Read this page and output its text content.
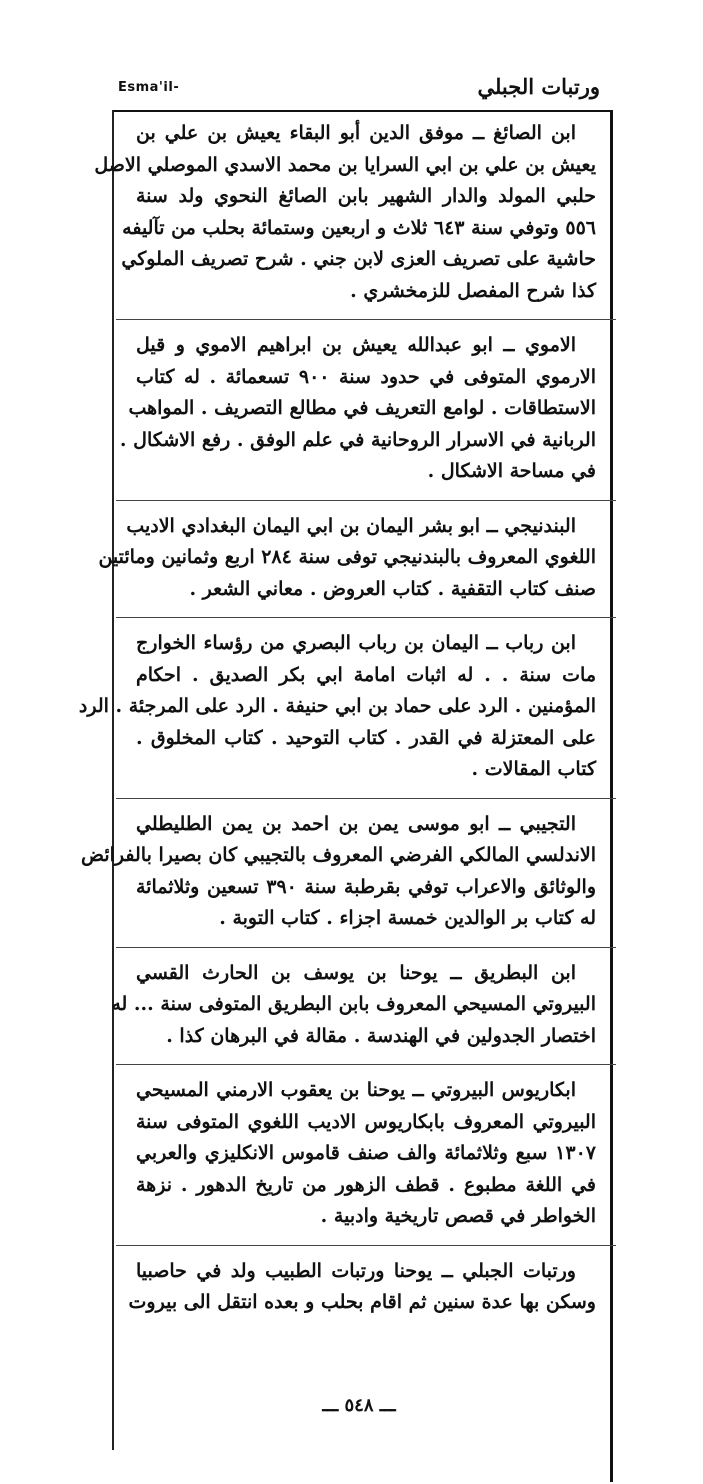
ورتبات الجبلي
Esma'il-
ابن الصائغ ــ موفق الدين أبو البقاء يعيش بن علي بن
يعيش بن علي بن ابي السرايا بن محمد الاسدي الموصلي الاصل
حلبي المولد والدار الشهير بابن الصائغ النحوي ولد سنة
٥٥٦ وتوفي سنة ٦٤٣ ثلاث و اربعين وستمائة بحلب من تآليفه
حاشية على تصريف العزى لابن جني . شرح تصريف الملوكي
كذا شرح المفصل للزمخشري .
الاموي ــ ابو عبدالله يعيش بن ابراهيم الاموي و قيل
الارموي المتوفى في حدود سنة ٩٠٠ تسعمائة . له كتاب
الاستطاقات . لوامع التعريف في مطالع التصريف . المواهب
الربانية في الاسرار الروحانية في علم الوفق . رفع الاشكال .
في مساحة الاشكال .
البندنيجي ــ ابو بشر اليمان بن ابي اليمان البغدادي الاديب
اللغوي المعروف بالبندنيجي توفى سنة ٢٨٤ اربع وثمانين ومائتين
صنف كتاب التقفية . كتاب العروض . معاني الشعر .
ابن رباب ــ اليمان بن رباب البصري من رؤساء الخوارج
مات سنة . . له اثبات امامة ابي بكر الصديق . احكام
المؤمنين . الرد على حماد بن ابي حنيفة . الرد على المرجئة . الرد
على المعتزلة في القدر . كتاب التوحيد . كتاب المخلوق .
كتاب المقالات .
التجيبي ــ ابو موسى يمن بن احمد بن يمن الطليطلي
الاندلسي المالكي الفرضي المعروف بالتجيبي كان بصيرا بالفرائض
والوثائق والاعراب توفي بقرطبة سنة ٣٩٠ تسعين وثلاثمائة
له كتاب بر الوالدين خمسة اجزاء . كتاب التوبة .
ابن البطريق ــ يوحنا بن يوسف بن الحارث القسي
البيروتي المسيحي المعروف بابن البطريق المتوفى سنة ... له
اختصار الجدولين في الهندسة . مقالة في البرهان كذا .
ابكاريوس البيروتي ــ يوحنا بن يعقوب الارمني المسيحي
البيروتي المعروف بابكاريوس الاديب اللغوي المتوفى سنة
١٣٠٧ سبع وثلاثمائة والف صنف قاموس الانكليزي والعربي
في اللغة مطبوع . قطف الزهور من تاريخ الدهور . نزهة
الخواطر في قصص تاريخية وادبية .
ورتبات الجبلي ــ يوحنا ورتبات الطبيب ولد في حاصبيا
وسكن بها عدة سنين ثم اقام بحلب و بعده انتقل الى بيروت
ـــ ٥٤٨ ـــ
